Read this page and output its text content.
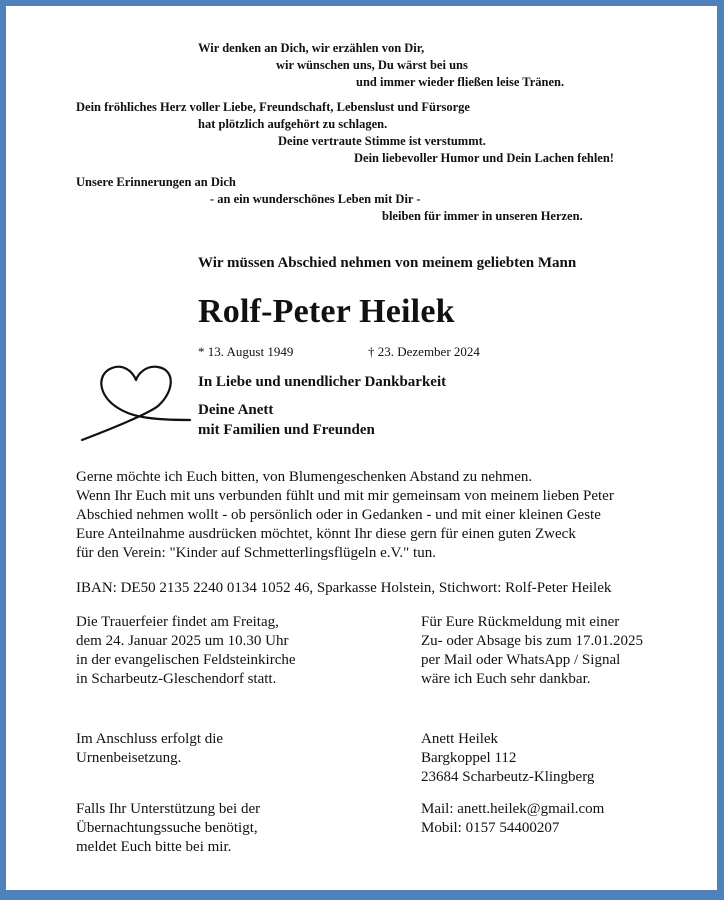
Wir denken an Dich, wir erzählen von Dir,
wir wünschen uns, Du wärst bei uns
und immer wieder fließen leise Tränen.
Dein fröhliches Herz voller Liebe, Freundschaft, Lebenslust und Fürsorge
hat plötzlich aufgehört zu schlagen.
Deine vertraute Stimme ist verstummt.
Dein liebevoller Humor und Dein Lachen fehlen!
Unsere Erinnerungen an Dich
- an ein wunderschönes Leben mit Dir -
bleiben für immer in unseren Herzen.
Wir müssen Abschied nehmen von meinem geliebten Mann
Rolf-Peter Heilek
* 13. August 1949	† 23. Dezember 2024
In Liebe und unendlicher Dankbarkeit
Deine Anett
mit Familien und Freunden
Gerne möchte ich Euch bitten, von Blumengeschenken Abstand zu nehmen.
Wenn Ihr Euch mit uns verbunden fühlt und mit mir gemeinsam von meinem lieben Peter
Abschied nehmen wollt - ob persönlich oder in Gedanken - und mit einer kleinen Geste
Eure Anteilnahme ausdrücken möchtet, könnt Ihr diese gern für einen guten Zweck
für den Verein: "Kinder auf Schmetterlingsflügeln e.V." tun.
IBAN: DE50 2135 2240 0134 1052 46, Sparkasse Holstein, Stichwort: Rolf-Peter Heilek
Die Trauerfeier findet am Freitag,
dem 24. Januar 2025 um 10.30 Uhr
in der evangelischen Feldsteinkirche
in Scharbeutz-Gleschendorf statt.
Für Eure Rückmeldung mit einer
Zu- oder Absage bis zum 17.01.2025
per Mail oder WhatsApp / Signal
wäre ich Euch sehr dankbar.
Im Anschluss erfolgt die
Urnenbeisetzung.
Anett Heilek
Bargkoppel 112
23684 Scharbeutz-Klingberg
Falls Ihr Unterstützung bei der
Übernachtungssuche benötigt,
meldet Euch bitte bei mir.
Mail: anett.heilek@gmail.com
Mobil: 0157 54400207
